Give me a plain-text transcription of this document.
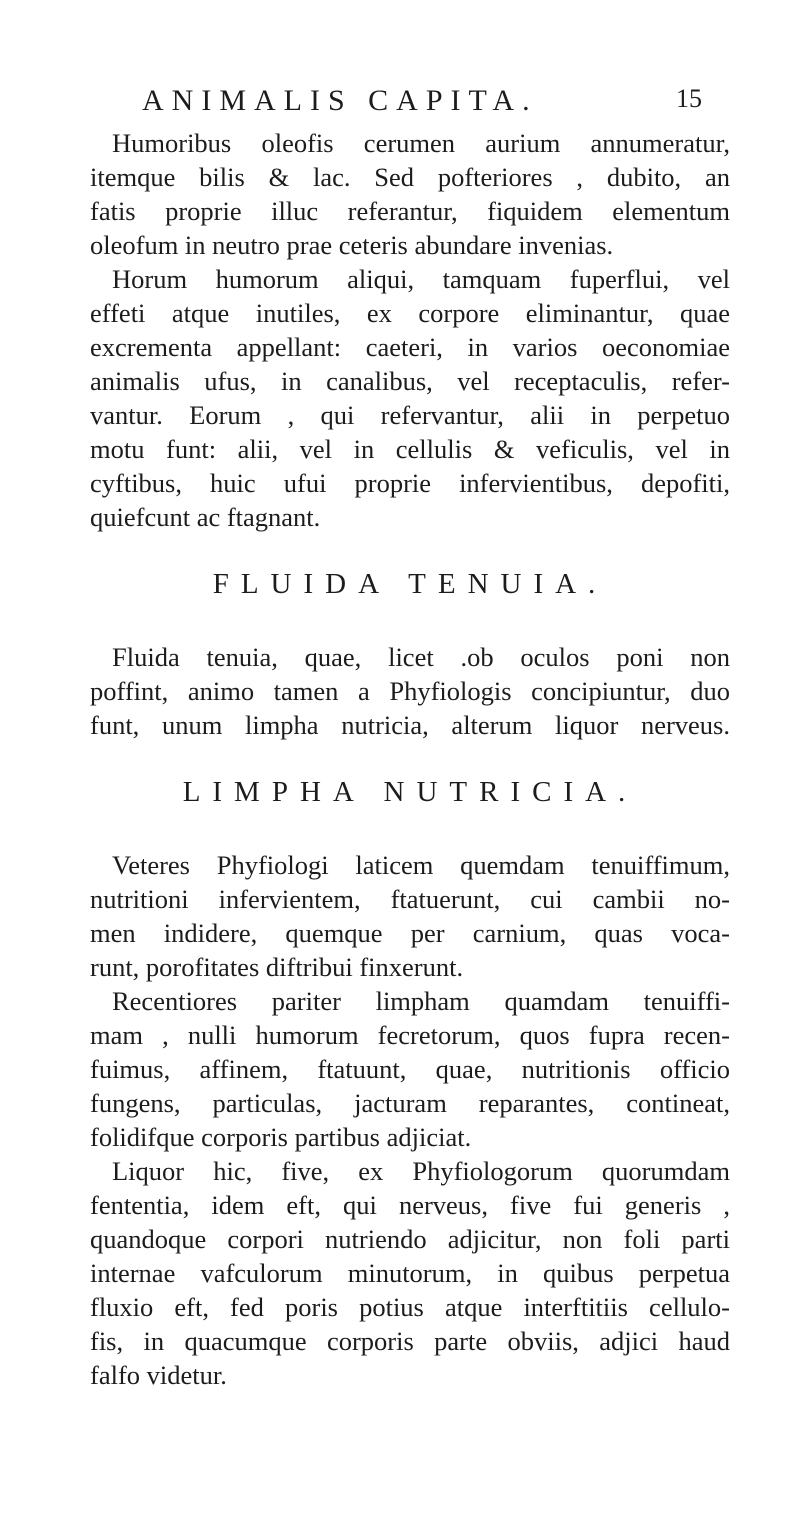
ANIMALIS CAPITA.	15
Humoribus oleofis cerumen aurium annumeratur,
itemque bilis & lac. Sed pofteriores , dubito, an
fatis proprie illuc referantur, fiquidem elementum
oleofum in neutro prae ceteris abundare invenias.
Horum humorum aliqui, tamquam fuperflui, vel
effeti atque inutiles, ex corpore eliminantur, quae
excrementa appellant: caeteri, in varios oeconomiae
animalis ufus, in canalibus, vel receptaculis, refer-
vantur. Eorum , qui refervantur, alii in perpetuo
motu funt: alii, vel in cellulis & veficulis, vel in
cyftibus, huic ufui proprie infervientibus, depofiti,
quiefcunt ac ftagnant.
FLUIDA TENUIA.
Fluida tenuia, quae, licet .ob oculos poni non
poffint, animo tamen a Phyfiologis concipiuntur, duo
funt, unum limpha nutricia, alterum liquor nerveus.
LIMPHA NUTRICIA.
Veteres Phyfiologi laticem quemdam tenuiffimum,
nutritioni infervientem, ftatuerunt, cui cambii no-
men indidere, quemque per carnium, quas voca-
runt, porofitates diftribui finxerunt.
Recentiores pariter limpham quamdam tenuiffi-
mam , nulli humorum fecretorum, quos fupra recen-
fuimus, affinem, ftatuunt, quae, nutritionis officio
fungens, particulas, jacturam reparantes, contineat,
folidifque corporis partibus adjiciat.
Liquor hic, five, ex Phyfiologorum quorumdam
fententia, idem eft, qui nerveus, five fui generis ,
quandoque corpori nutriendo adjicitur, non foli parti
internae vafculorum minutorum, in quibus perpetua
fluxio eft, fed poris potius atque interftitiis cellulo-
fis, in quacumque corporis parte obviis, adjici haud
falfo videtur.
